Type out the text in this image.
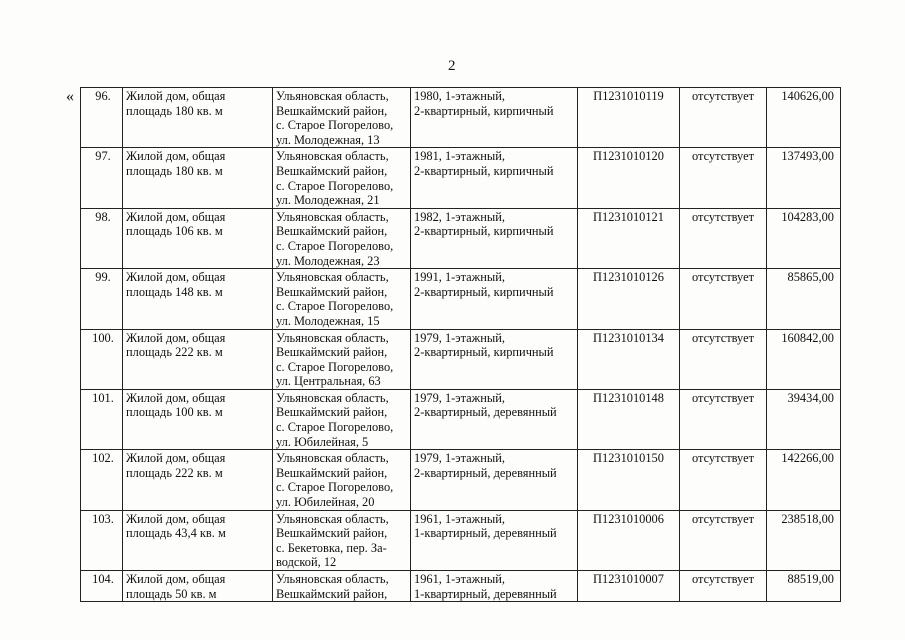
2
« 96.	Жилой дом, общая
площадь 180 кв. м	Ульяновская область,
Вешкаймский район,
с. Старое Погорелово,
ул. Молодежная, 13	1980, 1-этажный,
2-квартирный, кирпичный	П1231010119	отсутствует	140626,00
97.	Жилой дом, общая
площадь 180 кв. м	Ульяновская область,
Вешкаймский район,
с. Старое Погорелово,
ул. Молодежная, 21	1981, 1-этажный,
2-квартирный, кирпичный	П1231010120	отсутствует	137493,00
98.	Жилой дом, общая
площадь 106 кв. м	Ульяновская область,
Вешкаймский район,
с. Старое Погорелово,
ул. Молодежная, 23	1982, 1-этажный,
2-квартирный, кирпичный	П1231010121	отсутствует	104283,00
99.	Жилой дом, общая
площадь 148 кв. м	Ульяновская область,
Вешкаймский район,
с. Старое Погорелово,
ул. Молодежная, 15	1991, 1-этажный,
2-квартирный, кирпичный	П1231010126	отсутствует	85865,00
100.	Жилой дом, общая
площадь 222 кв. м	Ульяновская область,
Вешкаймский район,
с. Старое Погорелово,
ул. Центральная, 63	1979, 1-этажный,
2-квартирный, кирпичный	П1231010134	отсутствует	160842,00
101.	Жилой дом, общая
площадь 100 кв. м	Ульяновская область,
Вешкаймский район,
с. Старое Погорелово,
ул. Юбилейная, 5	1979, 1-этажный,
2-квартирный, деревянный	П1231010148	отсутствует	39434,00
102.	Жилой дом, общая
площадь 222 кв. м	Ульяновская область,
Вешкаймский район,
с. Старое Погорелово,
ул. Юбилейная, 20	1979, 1-этажный,
2-квартирный, деревянный	П1231010150	отсутствует	142266,00
103.	Жилой дом, общая
площадь 43,4 кв. м	Ульяновская область,
Вешкаймский район,
с. Бекетовка, пер. За-
водской, 12	1961, 1-этажный,
1-квартирный, деревянный	П1231010006	отсутствует	238518,00
104.	Жилой дом, общая
площадь 50 кв. м	Ульяновская область,
Вешкаймский район,	1961, 1-этажный,
1-квартирный, деревянный	П1231010007	отсутствует	88519,00
